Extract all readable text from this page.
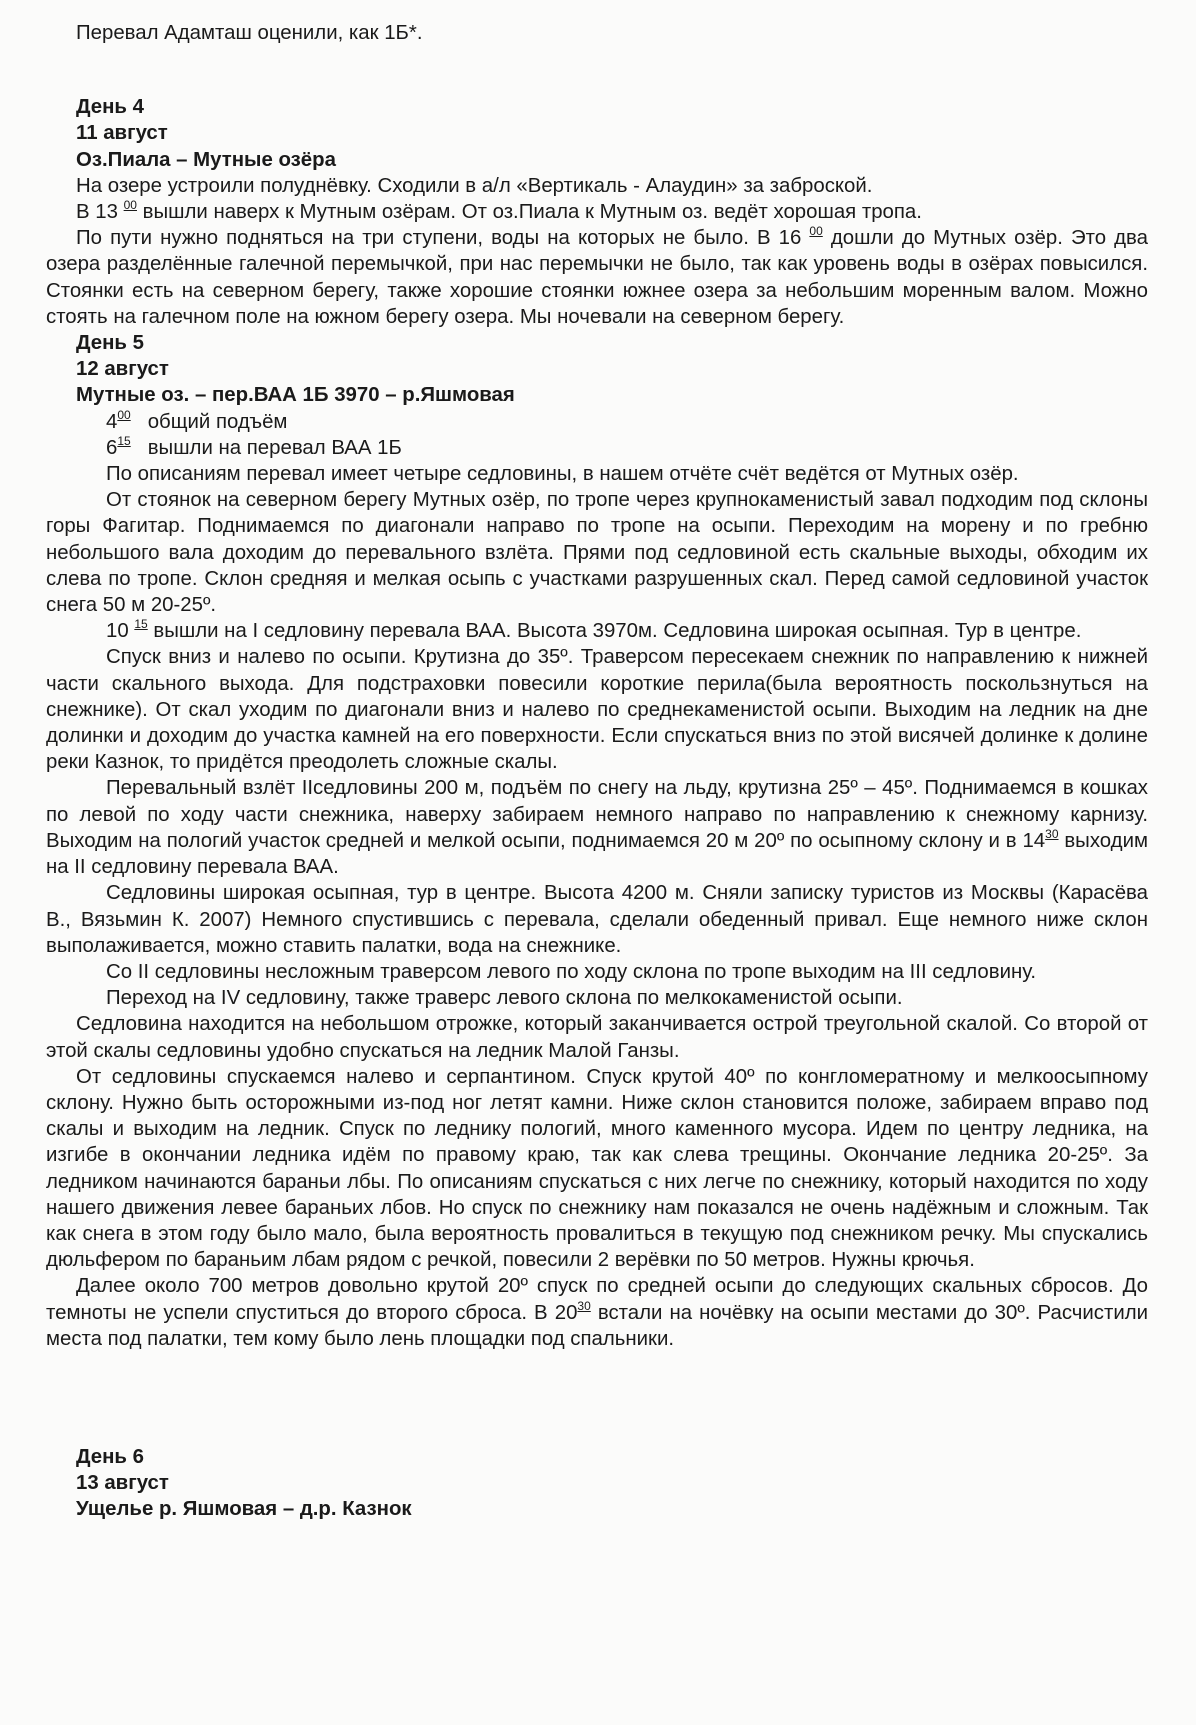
Перевал Адамташ оценили, как 1Б*.

День 4

11 август

Оз.Пиала – Мутные озёра

На озере устроили полуднёвку. Сходили в а/л «Вертикаль - Алаудин» за заброской.

В 13 $^{00}$ вышли наверх к Мутным озёрам. От оз.Пиала к Мутным оз. ведёт хорошая тропа.

По пути нужно подняться на три ступени, воды на которых не было. В 16 $^{00}$ дошли до Мутных озёр. Это два озера разделённые галечной перемычкой, при нас перемычки не было, так как уровень воды в озёрах повысился. Стоянки есть на северном берегу, также хорошие стоянки южнее озера за небольшим моренным валом. Можно стоять на галечном поле на южном берегу озера. Мы ночевали на северном берегу.

День 5

12 август

Мутные оз. – пер.ВАА 1Б 3970 – р.Яшмовая

$4^{00}$ общий подъём

$6^{15}$ вышли на перевал ВАА 1Б

По описаниям перевал имеет четыре седловины, в нашем отчёте счёт ведётся от Мутных озёр.

От стоянок на северном берегу Мутных озёр, по тропе через крупнокаменистый завал подходим под склоны горы Фагитар. Поднимаемся по диагонали направо по тропе на осыпи. Переходим на морену и по гребню небольшого вала доходим до перевального взлёта. Прями под седловиной есть скальные выходы, обходим их слева по тропе. Склон средняя и мелкая осыпь с участками разрушенных скал. Перед самой седловиной участок снега 50 м 20-25º.

10 $^{15}$ вышли на I седловину перевала ВАА. Высота 3970м. Седловина широкая осыпная. Тур в центре.

Спуск вниз и налево по осыпи. Крутизна до 35º. Траверсом пересекаем снежник по направлению к нижней части скального выхода. Для подстраховки повесили короткие перила(была вероятность поскользнуться на снежнике). От скал уходим по диагонали вниз и налево по среднекаменистой осыпи. Выходим на ледник на дне долинки и доходим до участка камней на его поверхности. Если спускаться вниз по этой висячей долинке к долине реки Казнок, то придётся преодолеть сложные скалы.

Перевальный взлёт IIседловины 200 м, подъём по снегу на льду, крутизна 25º – 45º. Поднимаемся в кошках по левой по ходу части снежника, наверху забираем немного направо по направлению к снежному карнизу. Выходим на пологий участок средней и мелкой осыпи, поднимаемся 20 м 20º по осыпному склону и в $14^{30}$ выходим на II седловину перевала ВАА.

Седловины широкая осыпная, тур в центре. Высота 4200 м. Сняли записку туристов из Москвы (Карасёва В., Вязьмин К. 2007) Немного спустившись с перевала, сделали обеденный привал. Еще немного ниже склон выполаживается, можно ставить палатки, вода на снежнике.

Со II седловины несложным траверсом левого по ходу склона по тропе выходим на III седловину.

Переход на IV седловину, также траверс левого склона по мелкокаменистой осыпи.

Седловина находится на небольшом отрожке, который заканчивается острой треугольной скалой. Со второй от этой скалы седловины удобно спускаться на ледник Малой Ганзы.

От седловины спускаемся налево и серпантином. Спуск крутой 40º по конгломератному и мелкоосыпному склону. Нужно быть осторожными из-под ног летят камни. Ниже склон становится положе, забираем вправо под скалы и выходим на ледник. Спуск по леднику пологий, много каменного мусора. Идем по центру ледника, на изгибе в окончании ледника идём по правому краю, так как слева трещины. Окончание ледника 20-25º. За ледником начинаются бараньи лбы. По описаниям спускаться с них легче по снежнику, который находится по ходу нашего движения левее бараньих лбов. Но спуск по снежнику нам показался не очень надёжным и сложным. Так как снега в этом году было мало, была вероятность провалиться в текущую под снежником речку. Мы спускались дюльфером по бараньим лбам рядом с речкой, повесили 2 верёвки по 50 метров. Нужны крючья.

Далее около 700 метров довольно крутой 20º спуск по средней осыпи до следующих скальных сбросов. До темноты не успели спуститься до второго сброса. В $20^{30}$ встали на ночёвку на осыпи местами до 30º. Расчистили места под палатки, тем кому было лень площадки под спальники.

День 6

13 август

Ущелье р. Яшмовая – д.р. Казнок
